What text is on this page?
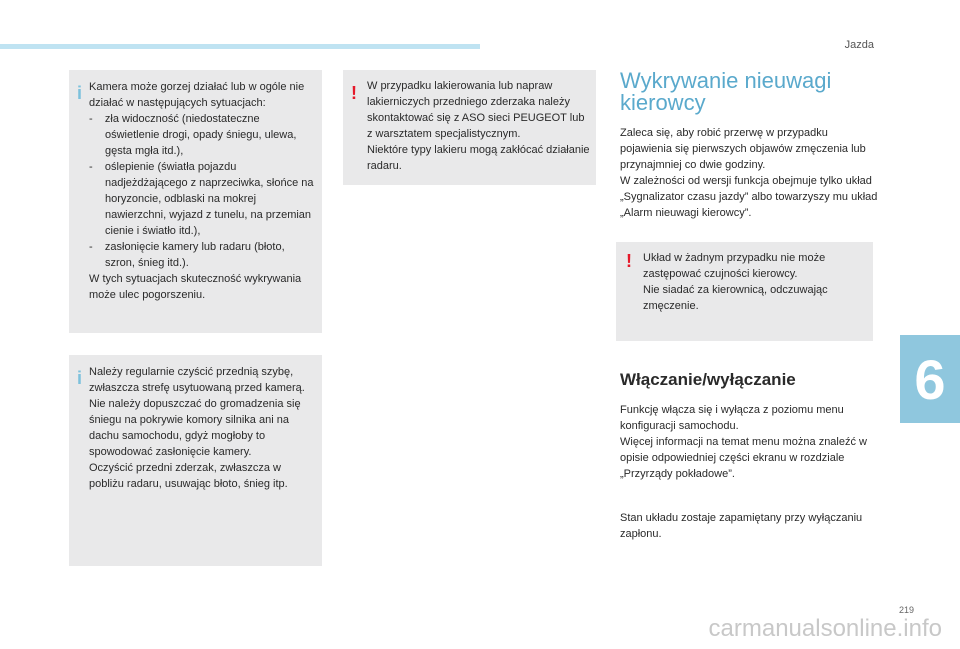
Jazda
6
i Kamera może gorzej działać lub w ogóle nie działać w następujących sytuacjach:

-    zła widoczność (niedostateczne oświetlenie drogi, opady śniegu, ulewa, gęsta mgła itd.),

-    oślepienie (światła pojazdu nadjeżdżającego z naprzeciwka, słońce na horyzoncie, odblaski na mokrej nawierzchni, wyjazd z tunelu, na przemian cienie i światło itd.),

-    zasłonięcie kamery lub radaru (błoto, szron, śnieg itd.).

W tych sytuacjach skuteczność wykrywania może ulec pogorszeniu.

i Należy regularnie czyścić przednią szybę, zwłaszcza strefę usytuowaną przed kamerą.

Nie należy dopuszczać do gromadzenia się śniegu na pokrywie komory silnika ani na dachu samochodu, gdyż mogłoby to spowodować zasłonięcie kamery.

Oczyścić przedni zderzak, zwłaszcza w pobliżu radaru, usuwając błoto, śnieg itp.

! W przypadku lakierowania lub napraw lakierniczych przedniego zderzaka należy skontaktować się z ASO sieci PEUGEOT lub z warsztatem specjalistycznym.

Niektóre typy lakieru mogą zakłócać działanie radaru.

Wykrywanie nieuwagi kierowcy

Zaleca się, aby robić przerwę w przypadku pojawienia się pierwszych objawów zmęczenia lub przynajmniej co dwie godziny.

W zależności od wersji funkcja obejmuje tylko układ „Sygnalizator czasu jazdy” albo towarzyszy mu układ „Alarm nieuwagi kierowcy”.

! Układ w żadnym przypadku nie może zastępować czujności kierowcy.

Nie siadać za kierownicą, odczuwając zmęczenie.

Włączanie/wyłączanie

Funkcję włącza się i wyłącza z poziomu menu konfiguracji samochodu.

Więcej informacji na temat menu można znaleźć w opisie odpowiedniej części ekranu w rozdziale „Przyrządy pokładowe”.

Stan układu zostaje zapamiętany przy wyłączaniu zapłonu.

219
carmanualsonline.info
